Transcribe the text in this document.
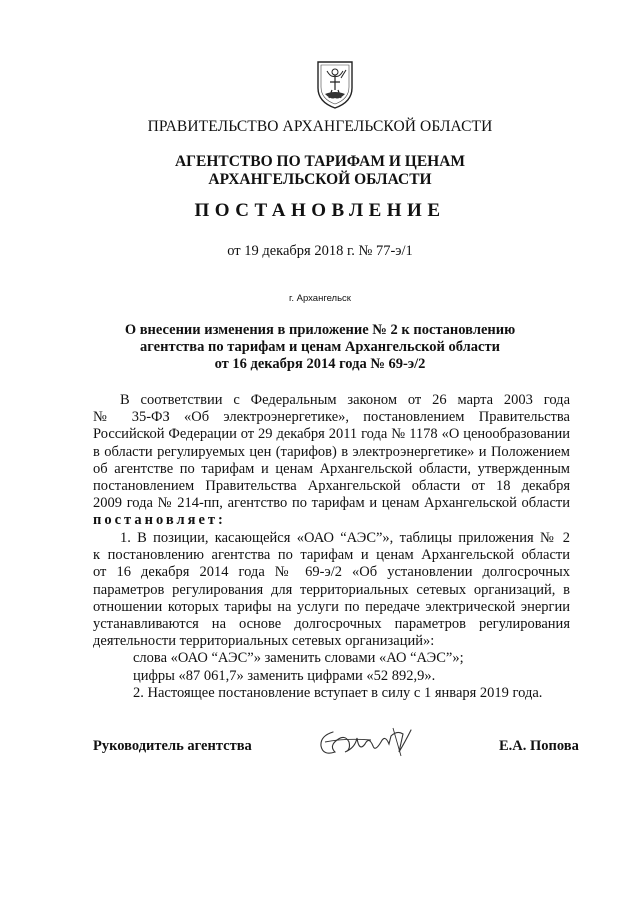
ПРАВИТЕЛЬСТВО АРХАНГЕЛЬСКОЙ ОБЛАСТИ
АГЕНТСТВО ПО ТАРИФАМ И ЦЕНАМ
АРХАНГЕЛЬСКОЙ ОБЛАСТИ
ПОСТАНОВЛЕНИЕ
от 19 декабря 2018 г. № 77-э/1
г. Архангельск
О внесении изменения в приложение № 2 к постановлению
агентства по тарифам и ценам Архангельской области
от 16 декабря 2014 года № 69-э/2
В соответствии с Федеральным законом от 26 марта 2003 года
№ 35-ФЗ «Об электроэнергетике», постановлением Правительства
Российской Федерации от 29 декабря 2011 года № 1178 «О ценообразовании
в области регулируемых цен (тарифов) в электроэнергетике» и Положением
об агентстве по тарифам и ценам Архангельской области, утвержденным
постановлением Правительства Архангельской области от 18 декабря
2009 года № 214-пп, агентство по тарифам и ценам Архангельской области
постановляет:
1. В позиции, касающейся «ОАО “АЭС”», таблицы приложения № 2
к постановлению агентства по тарифам и ценам Архангельской области
от 16 декабря 2014 года № 69-э/2 «Об установлении долгосрочных
параметров регулирования для территориальных сетевых организаций, в
отношении которых тарифы на услуги по передаче электрической энергии
устанавливаются на основе долгосрочных параметров регулирования
деятельности территориальных сетевых организаций»:
слова «ОАО “АЭС”» заменить словами «АО “АЭС”»;
цифры «87 061,7» заменить цифрами «52 892,9».
2. Настоящее постановление вступает в силу с 1 января 2019 года.
Руководитель агентства	Е.А. Попова
